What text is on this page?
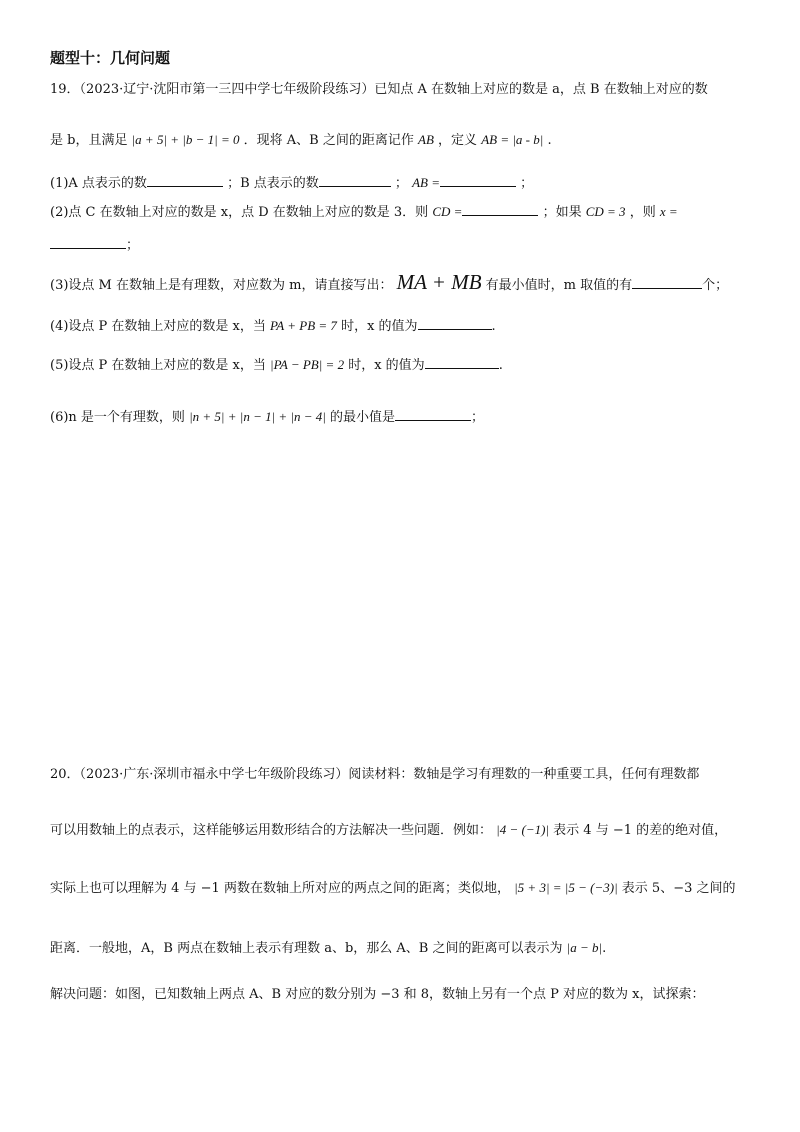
题型十：几何问题
19．（2023·辽宁·沈阳市第一三四中学七年级阶段练习）已知点 A 在数轴上对应的数是 a，点 B 在数轴上对应的数
是 b，且满足 |a + 5| + |b − 1| = 0 ．现将 A、B 之间的距离记作 AB ，定义 AB = |a - b| .
(1)A 点表示的数	；B 点表示的数	； AB =	；
(2)点 C 在数轴上对应的数是 x，点 D 在数轴上对应的数是 3．则 CD =	；如果 CD = 3 ，则 x =
；
(3)设点 M 在数轴上是有理数，对应数为 m，请直接写出： MA + MB 有最小值时，m 取值的有	个；
(4)设点 P 在数轴上对应的数是 x，当 PA + PB = 7 时，x 的值为	.
(5)设点 P 在数轴上对应的数是 x，当 |PA − PB| = 2 时，x 的值为	.
(6)n 是一个有理数，则 |n + 5| + |n − 1| + |n − 4| 的最小值是	；
20．（2023·广东·深圳市福永中学七年级阶段练习）阅读材料：数轴是学习有理数的一种重要工具，任何有理数都
可以用数轴上的点表示，这样能够运用数形结合的方法解决一些问题．例如： |4 − (−1)| 表示 4 与 −1 的差的绝对值，
实际上也可以理解为 4 与 −1 两数在数轴上所对应的两点之间的距离；类似地， |5 + 3| = |5 − (−3)| 表示 5、−3 之间的
距离．一般地，A，B 两点在数轴上表示有理数 a、b，那么 A、B 之间的距离可以表示为 |a − b|.
解决问题：如图，已知数轴上两点 A、B 对应的数分别为 −3 和 8，数轴上另有一个点 P 对应的数为 x，试探索：
